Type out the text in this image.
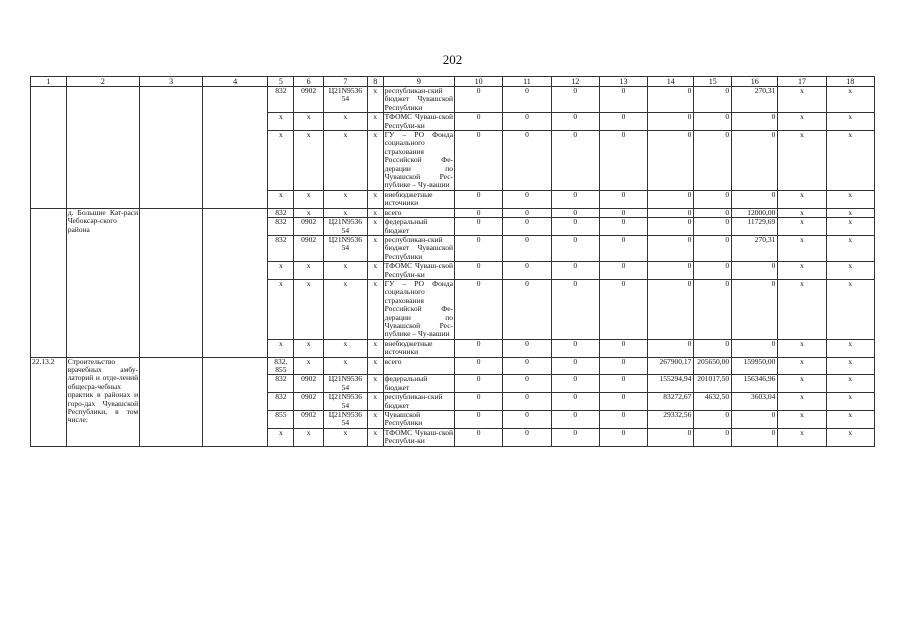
202
1	2	3	4	5	6	7	8	9	10	11	12	13	14	15	16	17	18
				832	0902	Ц21N9536 54	х	республикан-ский бюджет Чувашской Республики	0	0	0	0	0	0	270,31	х	х
				х	х	х	х	ТФОМС Чуваш-ской Республи-ки	0	0	0	0	0	0	0	х	х
				х	х	х	х	ГУ – РО Фонда социального страхования Российской Фе-дерации по Чувашской Рес-публике – Чу-вашии	0	0	0	0	0	0	0	х	х
				х	х	х	х	внебюджетные источники	0	0	0	0	0	0	0	х	х
	д. Большие Кат-раси Чебоксар-ского района			832	х	х	х	всего	0	0	0	0	0	0	12000,00	х	х
				832	0902	Ц21N9536 54	х	федеральный бюджет	0	0	0	0	0	0	11729,69	х	х
				832	0902	Ц21N9536 54	х	республикан-ский бюджет Чувашской Республики	0	0	0	0	0	0	270,31	х	х
				х	х	х	х	ТФОМС Чуваш-ской Республи-ки	0	0	0	0	0	0	0	х	х
				х	х	х	х	ГУ – РО Фонда социального страхования Российской Фе-дерации по Чувашской Рес-публике – Чу-вашии	0	0	0	0	0	0	0	х	х
				х	х	х	х	внебюджетные источники	0	0	0	0	0	0	0	х	х
22.13.2	Строительство врачебных амбу-латорий и отде-лений общеcpа-чебных практик в районах и горо-дах Чувашской Республики, в том числе:			832, 855	х	х	х	всего	0	0	0	0	267900,17	205650,00	159950,00	х	х
				832	0902	Ц21N9536 54	х	федеральный бюджет	0	0	0	0	155294,94	201017,50	156346,96	х	х
				832	0902	Ц21N9536 54	х	республикан-ский бюджет	0	0	0	0	83272,67	4632,50	3603,04	х	х
				855	0902	Ц21N9536 54	х	Чувашской Республики	0	0	0	0	29332,56	0	0	х	х
				х	х	х	х	ТФОМС Чуваш-ской Республи-ки	0	0	0	0	0	0	0	х	х
